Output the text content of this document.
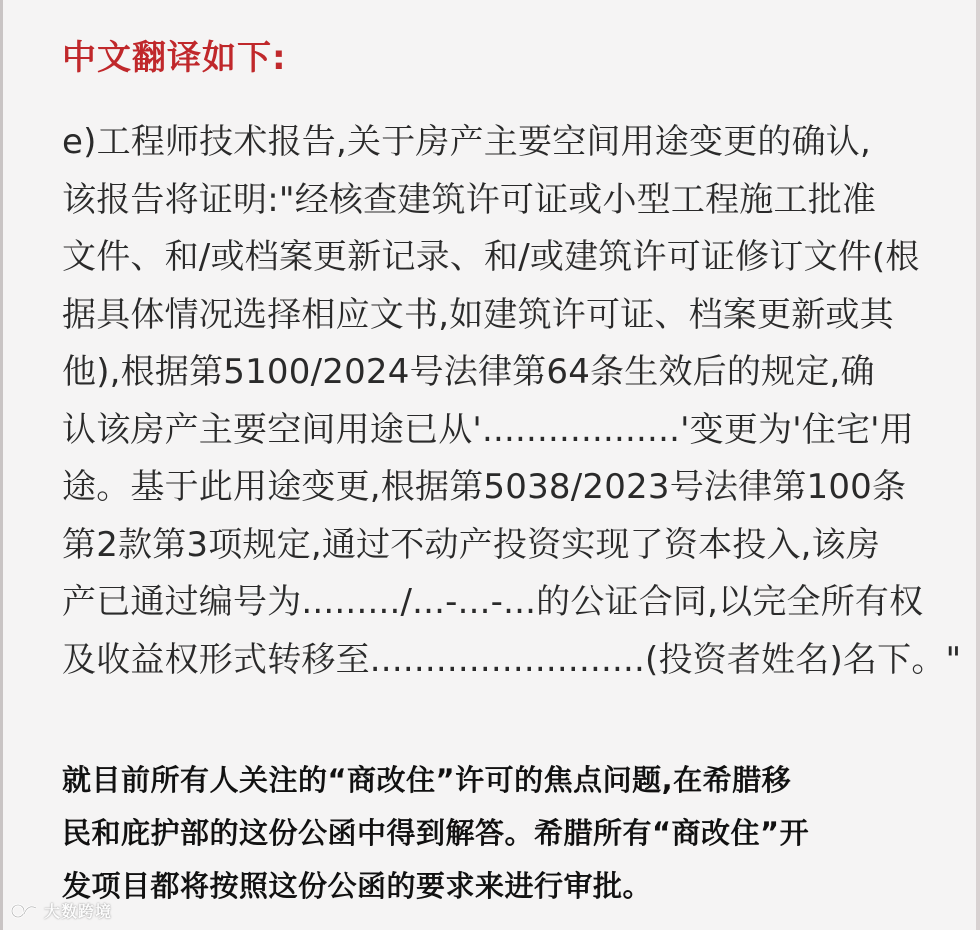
中文翻译如下:
e)工程师技术报告,关于房产主要空间用途变更的确认,
该报告将证明:"经核查建筑许可证或小型工程施工批准
文件、和/或档案更新记录、和/或建筑许可证修订文件(根
据具体情况选择相应文书,如建筑许可证、档案更新或其
他),根据第5100/2024号法律第64条生效后的规定,确
认该房产主要空间用途已从'..................'变更为'住宅'用
途。基于此用途变更,根据第5038/2023号法律第100条
第2款第3项规定,通过不动产投资实现了资本投入,该房
产已通过编号为........./...-...-...的公证合同,以完全所有权
及收益权形式转移至.........................(投资者姓名)名下。"
就目前所有人关注的“商改住”许可的焦点问题,在希腊移
民和庇护部的这份公函中得到解答。希腊所有“商改住”开
发项目都将按照这份公函的要求来进行审批。
大数跨境
